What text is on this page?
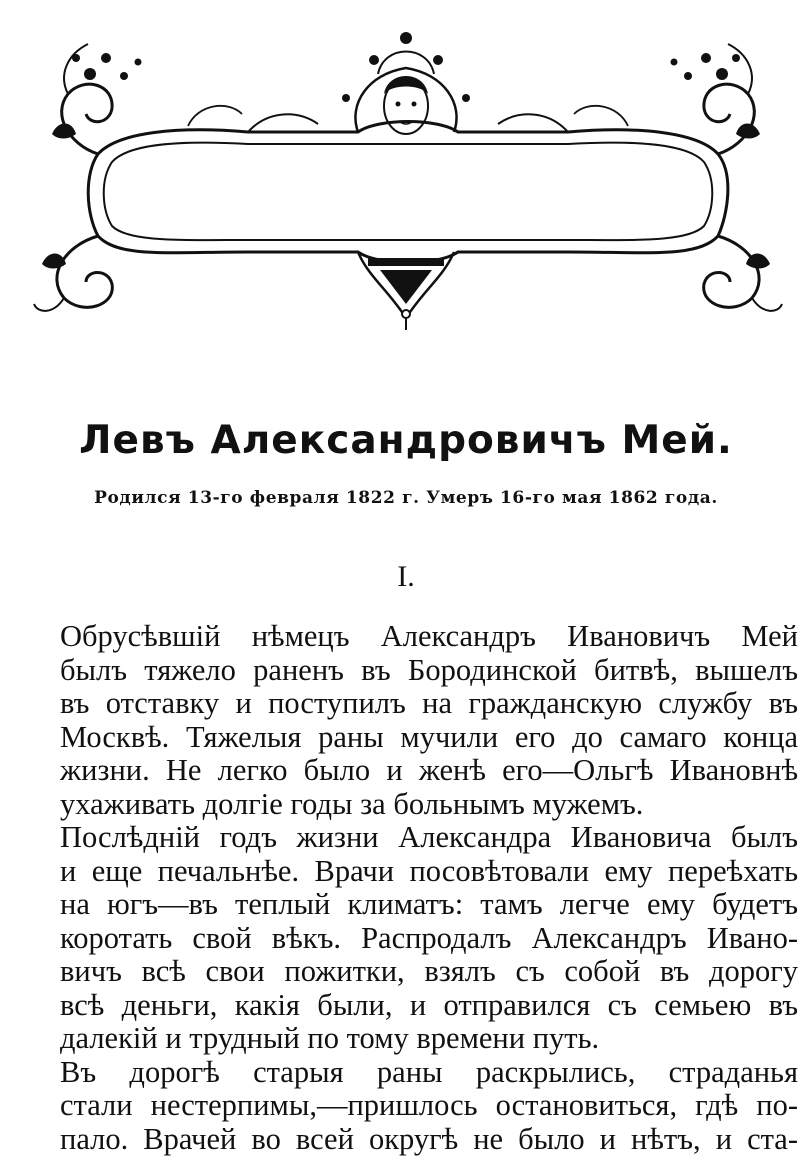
Левъ Александровичъ Мей.
Родился 13-го февраля 1822 г. Умеръ 16-го мая 1862 года.
I.

Обрусѣвшій нѣмецъ Александръ Ивановичъ Мей
былъ тяжело раненъ въ Бородинской битвѣ, вышелъ
въ отставку и поступилъ на гражданскую службу въ
Москвѣ. Тяжелыя раны мучили его до самаго конца
жизни. Не легко было и женѣ его—Ольгѣ Ивановнѣ
ухаживать долгіе годы за больнымъ мужемъ.

Послѣдній годъ жизни Александра Ивановича былъ
и еще печальнѣе. Врачи посовѣтовали ему переѣхать
на югъ—въ теплый климатъ: тамъ легче ему будетъ
коротать свой вѣкъ. Распродалъ Александръ Ивано-
вичъ всѣ свои пожитки, взялъ съ собой въ дорогу
всѣ деньги, какія были, и отправился съ семьею въ
далекій и трудный по тому времени путь.

Въ дорогѣ старыя раны раскрылись, страданья
стали нестерпимы,—пришлось остановиться, гдѣ по-
пало. Врачей во всей округѣ не было и нѣтъ, и ста-
